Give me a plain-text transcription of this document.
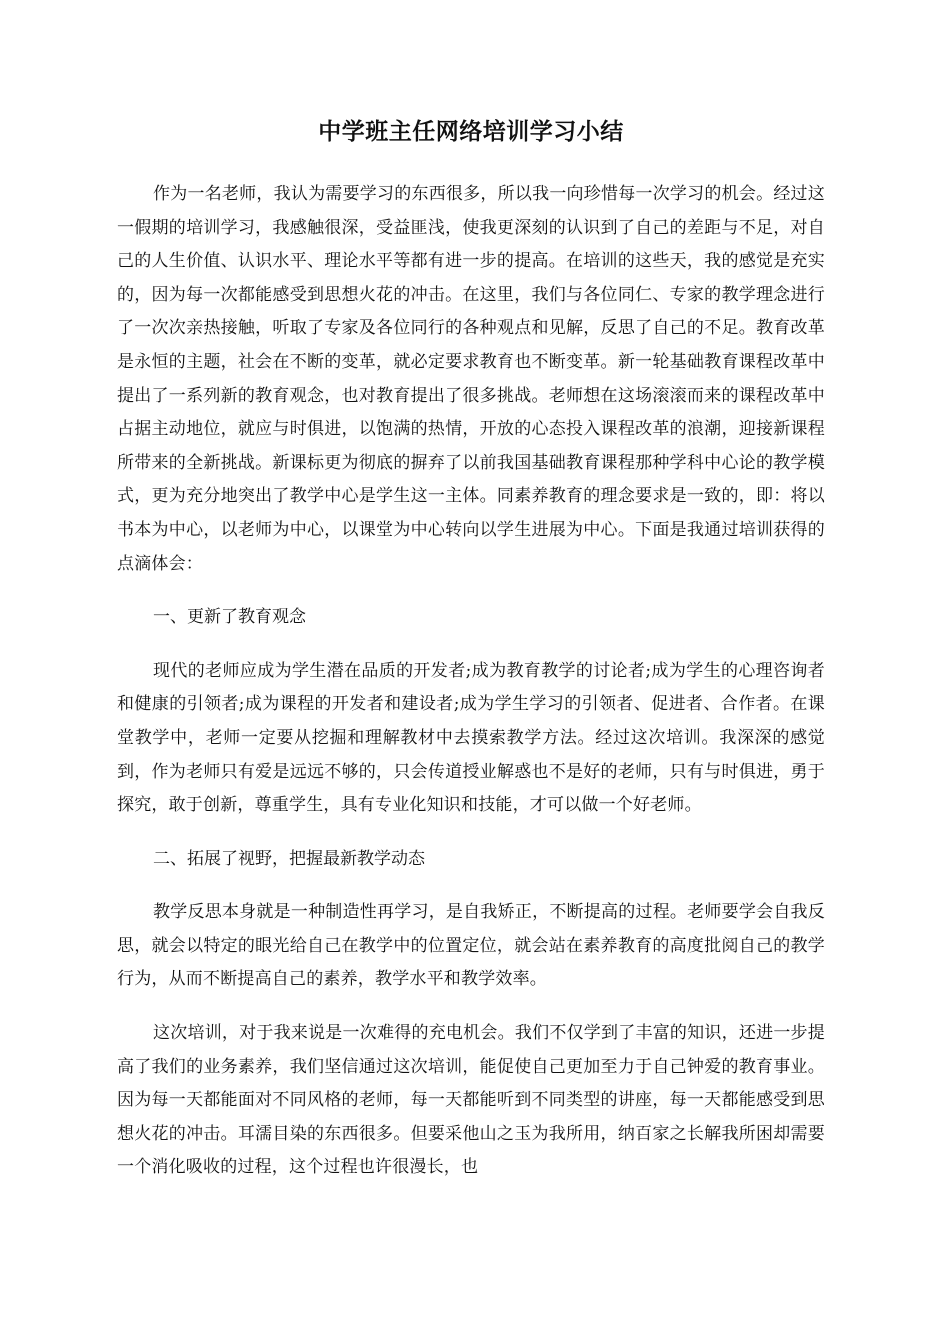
中学班主任网络培训学习小结

作为一名老师，我认为需要学习的东西很多，所以我一向珍惜每一次学习的机会。经过这一假期的培训学习，我感触很深，受益匪浅，使我更深刻的认识到了自己的差距与不足，对自己的人生价值、认识水平、理论水平等都有进一步的提高。在培训的这些天，我的感觉是充实的，因为每一次都能感受到思想火花的冲击。在这里，我们与各位同仁、专家的教学理念进行了一次次亲热接触，听取了专家及各位同行的各种观点和见解，反思了自己的不足。教育改革是永恒的主题，社会在不断的变革，就必定要求教育也不断变革。新一轮基础教育课程改革中提出了一系列新的教育观念，也对教育提出了很多挑战。老师想在这场滚滚而来的课程改革中占据主动地位，就应与时俱进，以饱满的热情，开放的心态投入课程改革的浪潮，迎接新课程所带来的全新挑战。新课标更为彻底的摒弃了以前我国基础教育课程那种学科中心论的教学模式，更为充分地突出了教学中心是学生这一主体。同素养教育的理念要求是一致的，即：将以书本为中心，以老师为中心，以课堂为中心转向以学生进展为中心。下面是我通过培训获得的点滴体会：

一、更新了教育观念

现代的老师应成为学生潜在品质的开发者;成为教育教学的讨论者;成为学生的心理咨询者和健康的引领者;成为课程的开发者和建设者;成为学生学习的引领者、促进者、合作者。在课堂教学中，老师一定要从挖掘和理解教材中去摸索教学方法。经过这次培训。我深深的感觉到，作为老师只有爱是远远不够的，只会传道授业解惑也不是好的老师，只有与时俱进，勇于探究，敢于创新，尊重学生，具有专业化知识和技能，才可以做一个好老师。

二、拓展了视野，把握最新教学动态

教学反思本身就是一种制造性再学习，是自我矫正，不断提高的过程。老师要学会自我反思，就会以特定的眼光给自己在教学中的位置定位，就会站在素养教育的高度批阅自己的教学行为，从而不断提高自己的素养，教学水平和教学效率。

这次培训，对于我来说是一次难得的充电机会。我们不仅学到了丰富的知识，还进一步提高了我们的业务素养，我们坚信通过这次培训，能促使自己更加至力于自己钟爱的教育事业。因为每一天都能面对不同风格的老师，每一天都能听到不同类型的讲座，每一天都能感受到思想火花的冲击。耳濡目染的东西很多。但要采他山之玉为我所用，纳百家之长解我所困却需要一个消化吸收的过程，这个过程也许很漫长，也
